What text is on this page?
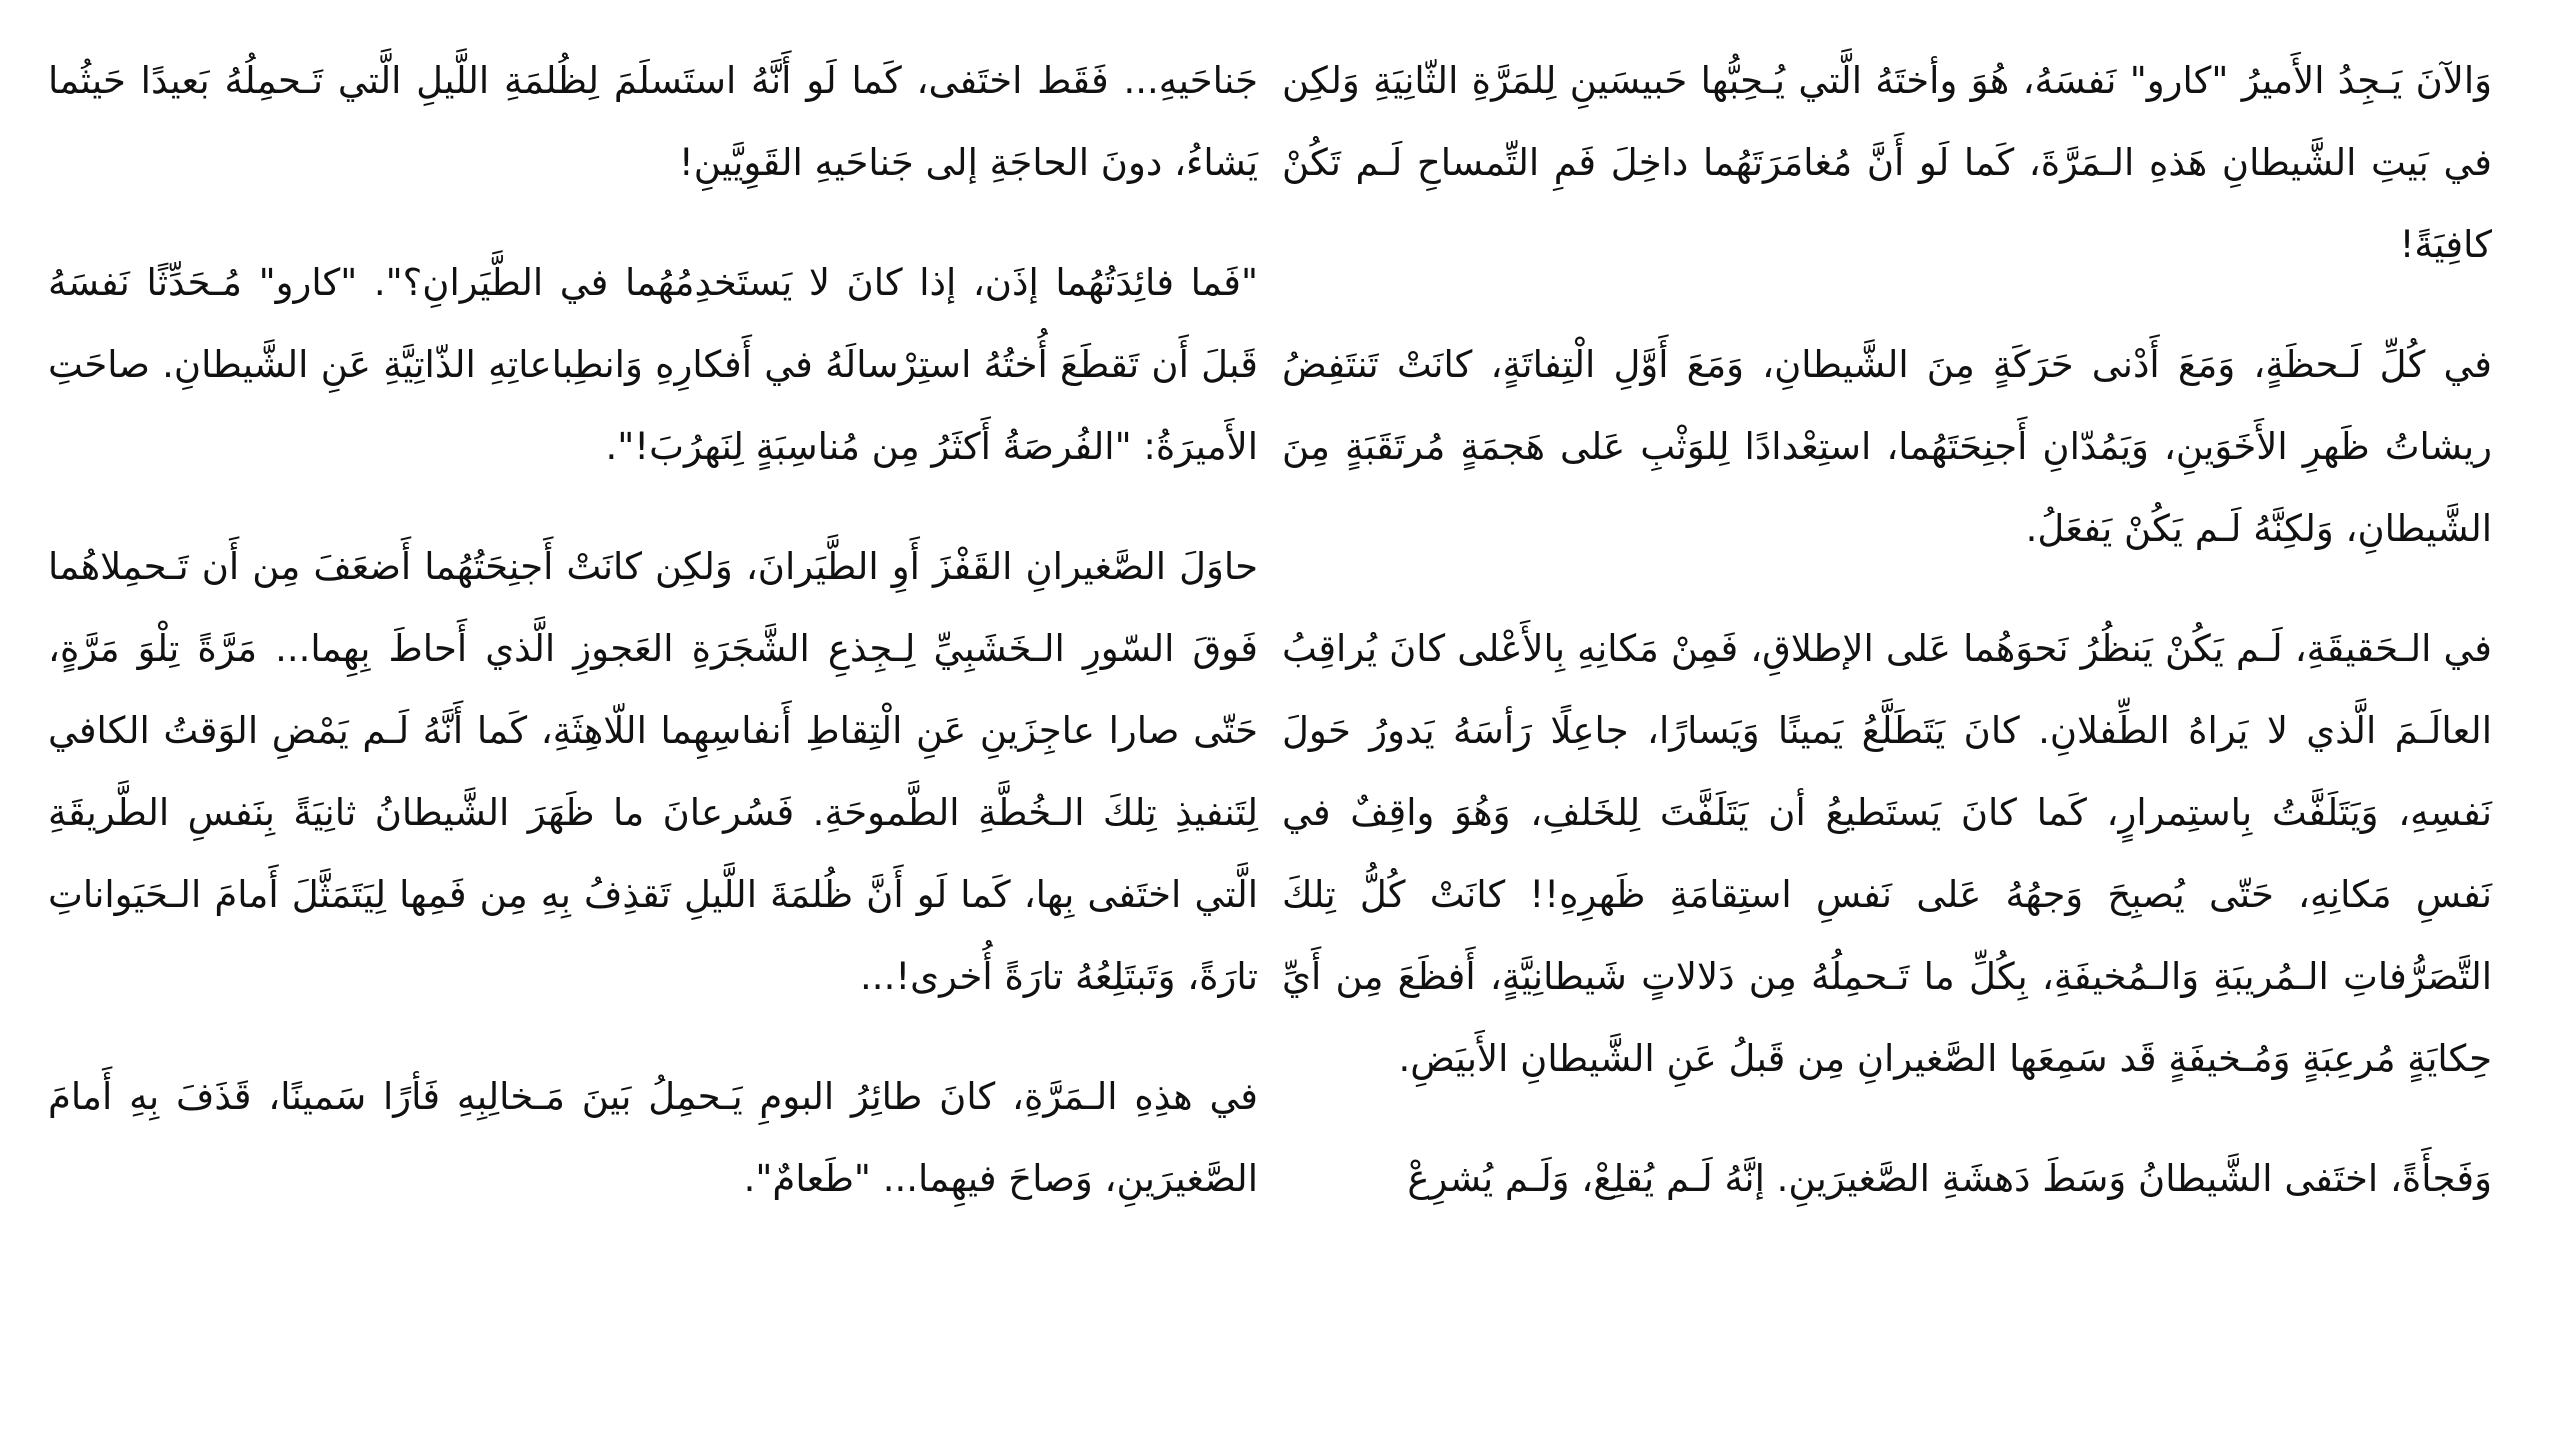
وَالآنَ يَـجِدُ الأَميرُ "كارو" نَفسَهُ، هُوَ وأختَهُ الَّتي يُـحِبُّها حَبيسَينِ لِلمَرَّةِ الثّانِيَةِ وَلكِن في بَيتِ الشَّيطانِ هَذهِ الـمَرَّةَ، كَما لَو أَنَّ مُغامَرَتَهُما داخِلَ فَمِ التِّمساحِ لَـم تَكُنْ كافِيَةً!

في كُلِّ لَـحظَةٍ، وَمَعَ أَدْنى حَرَكَةٍ مِنَ الشَّيطانِ، وَمَعَ أَوَّلِ الْتِفاتَةٍ، كانَتْ تَنتَفِضُ ريشاتُ ظَهرِ الأَخَوَينِ، وَيَمُدّانِ أَجنِحَتَهُما، استِعْدادًا لِلوَثْبِ عَلى هَجمَةٍ مُرتَقَبَةٍ مِنَ الشَّيطانِ، وَلكِنَّهُ لَـم يَكُنْ يَفعَلُ.

في الـحَقيقَةِ، لَـم يَكُنْ يَنظُرُ نَحوَهُما عَلى الإطلاقِ، فَمِنْ مَكانِهِ بِالأَعْلى كانَ يُراقِبُ العالَـمَ الَّذي لا يَراهُ الطِّفلانِ. كانَ يَتَطَلَّعُ يَمينًا وَيَسارًا، جاعِلًا رَأسَهُ يَدورُ حَولَ نَفسِهِ، وَيَتَلَفَّتُ بِاستِمرارٍ، كَما كانَ يَستَطيعُ أن يَتَلَفَّتَ لِلخَلفِ، وَهُوَ واقِفٌ في نَفسِ مَكانِهِ، حَتّى يُصبِحَ وَجهُهُ عَلى نَفسِ استِقامَةِ ظَهرِهِ!! كانَتْ كُلُّ تِلكَ التَّصَرُّفاتِ الـمُريبَةِ وَالـمُخيفَةِ، بِكُلِّ ما تَـحمِلُهُ مِن دَلالاتٍ شَيطانِيَّةٍ، أَفظَعَ مِن أَيِّ حِكايَةٍ مُرعِبَةٍ وَمُـخيفَةٍ قَد سَمِعَها الصَّغيرانِ مِن قَبلُ عَنِ الشَّيطانِ الأَبيَضِ.

وَفَجأَةً، اختَفى الشَّيطانُ وَسَطَ دَهشَةِ الصَّغيرَينِ. إنَّهُ لَـم يُقلِعْ، وَلَـم يُشرِعْ

جَناحَيهِ... فَقَط اختَفى، كَما لَو أَنَّهُ استَسلَمَ لِظُلمَةِ اللَّيلِ الَّتي تَـحمِلُهُ بَعيدًا حَيثُما يَشاءُ، دونَ الحاجَةِ إلى جَناحَيهِ القَوِيَّينِ!

"فَما فائِدَتُهُما إذَن، إذا كانَ لا يَستَخدِمُهُما في الطَّيَرانِ؟". "كارو" مُـحَدِّثًا نَفسَهُ قَبلَ أَن تَقطَعَ أُختُهُ استِرْسالَهُ في أَفكارِهِ وَانطِباعاتِهِ الذّاتِيَّةِ عَنِ الشَّيطانِ. صاحَتِ الأَميرَةُ: "الفُرصَةُ أَكثَرُ مِن مُناسِبَةٍ لِنَهرُبَ!".

حاوَلَ الصَّغيرانِ القَفْزَ أَوِ الطَّيَرانَ، وَلكِن كانَتْ أَجنِحَتُهُما أَضعَفَ مِن أَن تَـحمِلاهُما فَوقَ السّورِ الـخَشَبِيِّ لِـجِذعِ الشَّجَرَةِ العَجوزِ الَّذي أَحاطَ بِهِما... مَرَّةً تِلْوَ مَرَّةٍ، حَتّى صارا عاجِزَينِ عَنِ الْتِقاطِ أَنفاسِهِما اللّاهِثَةِ، كَما أَنَّهُ لَـم يَمْضِ الوَقتُ الكافي لِتَنفيذِ تِلكَ الـخُطَّةِ الطَّموحَةِ. فَسُرعانَ ما ظَهَرَ الشَّيطانُ ثانِيَةً بِنَفسِ الطَّريقَةِ الَّتي اختَفى بِها، كَما لَو أَنَّ ظُلمَةَ اللَّيلِ تَقذِفُ بِهِ مِن فَمِها لِيَتَمَثَّلَ أَمامَ الـحَيَواناتِ تارَةً، وَتَبتَلِعُهُ تارَةً أُخرى!...

في هذِهِ الـمَرَّةِ، كانَ طائِرُ البومِ يَـحمِلُ بَينَ مَـخالِبِهِ فَأرًا سَمينًا، قَذَفَ بِهِ أَمامَ الصَّغيرَينِ، وَصاحَ فيهِما... "طَعامٌ".
